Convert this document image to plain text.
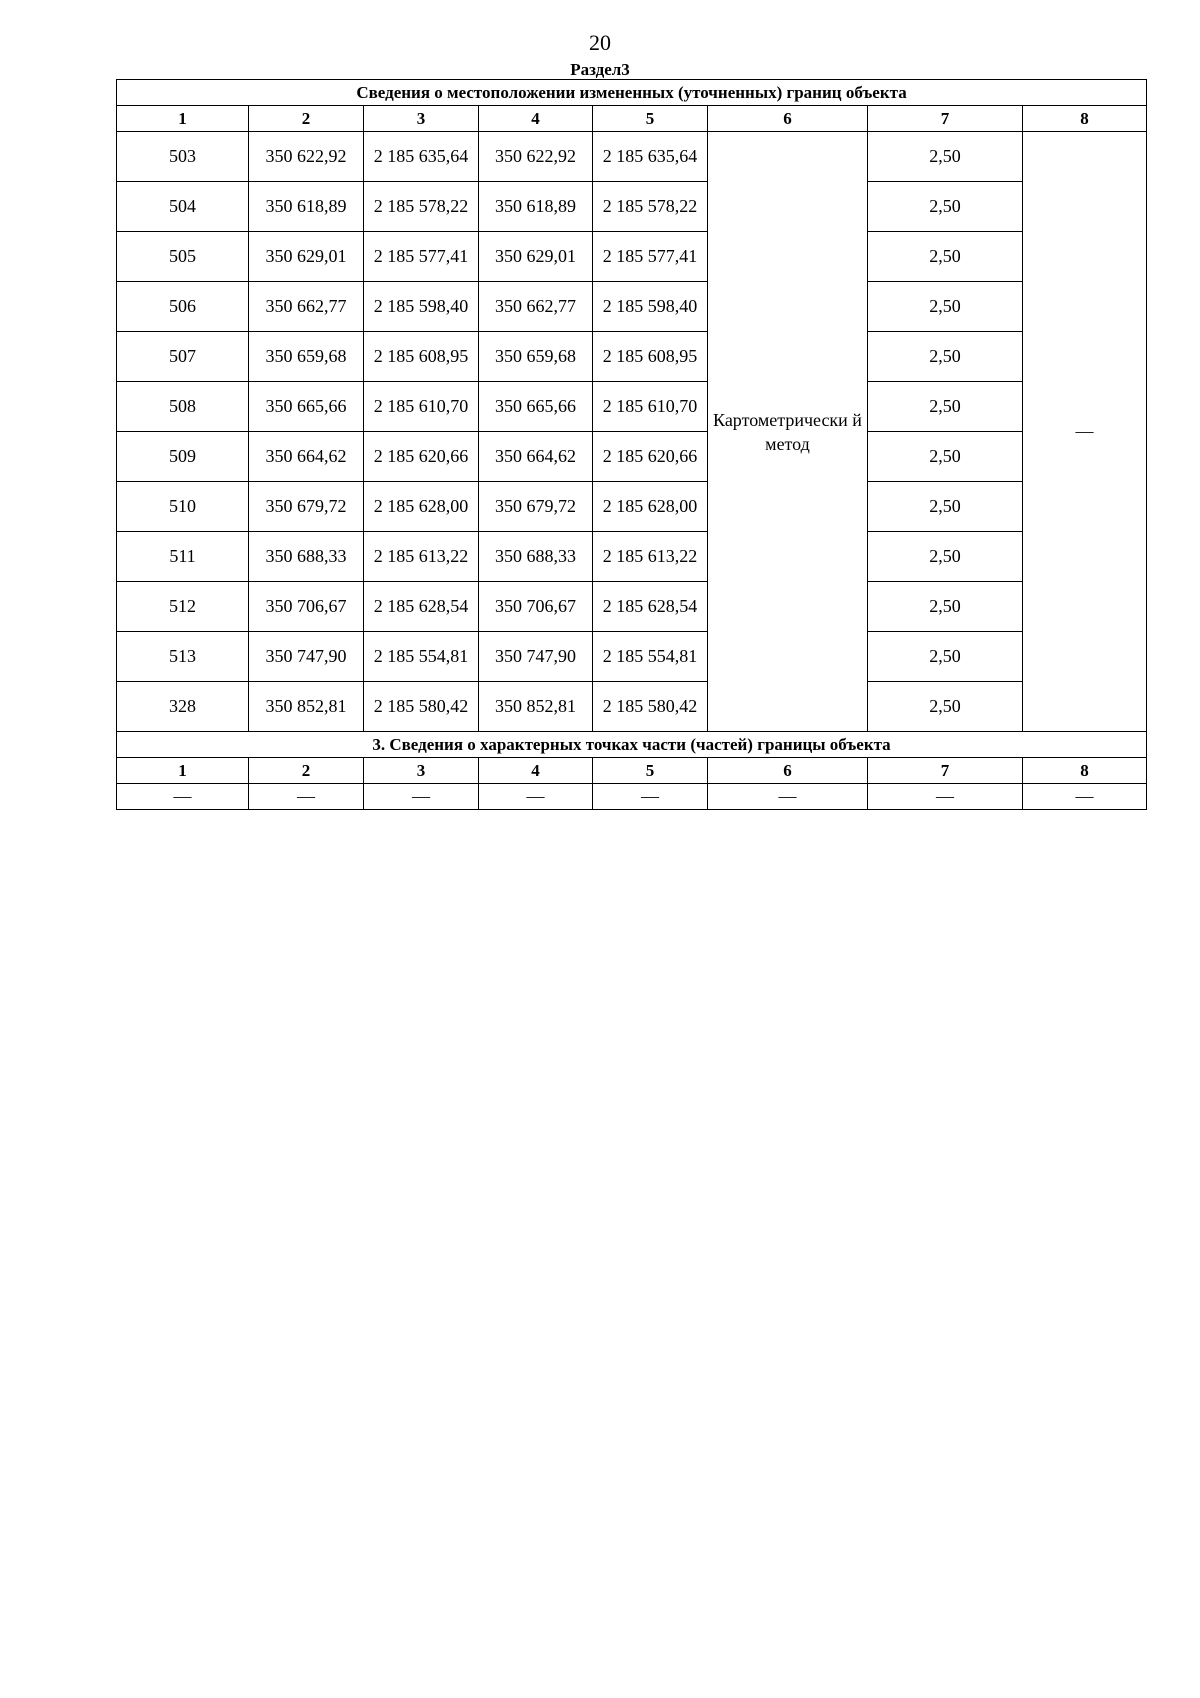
20
Раздел3
Сведения о местоположении измененных (уточненных) границ объекта							
1	2	3	4	5	6	7	8
503	350 622,92	2 185 635,64	350 622,92	2 185 635,64	Картометрически й метод	2,50	—
504	350 618,89	2 185 578,22	350 618,89	2 185 578,22		2,50	
505	350 629,01	2 185 577,41	350 629,01	2 185 577,41		2,50	
506	350 662,77	2 185 598,40	350 662,77	2 185 598,40		2,50	
507	350 659,68	2 185 608,95	350 659,68	2 185 608,95		2,50	
508	350 665,66	2 185 610,70	350 665,66	2 185 610,70		2,50	
509	350 664,62	2 185 620,66	350 664,62	2 185 620,66		2,50	
510	350 679,72	2 185 628,00	350 679,72	2 185 628,00		2,50	
511	350 688,33	2 185 613,22	350 688,33	2 185 613,22		2,50	
512	350 706,67	2 185 628,54	350 706,67	2 185 628,54		2,50	
513	350 747,90	2 185 554,81	350 747,90	2 185 554,81		2,50	
328	350 852,81	2 185 580,42	350 852,81	2 185 580,42		2,50	
3. Сведения о характерных точках части (частей) границы объекта							
1	2	3	4	5	6	7	8
—	—	—	—	—	—	—	—
